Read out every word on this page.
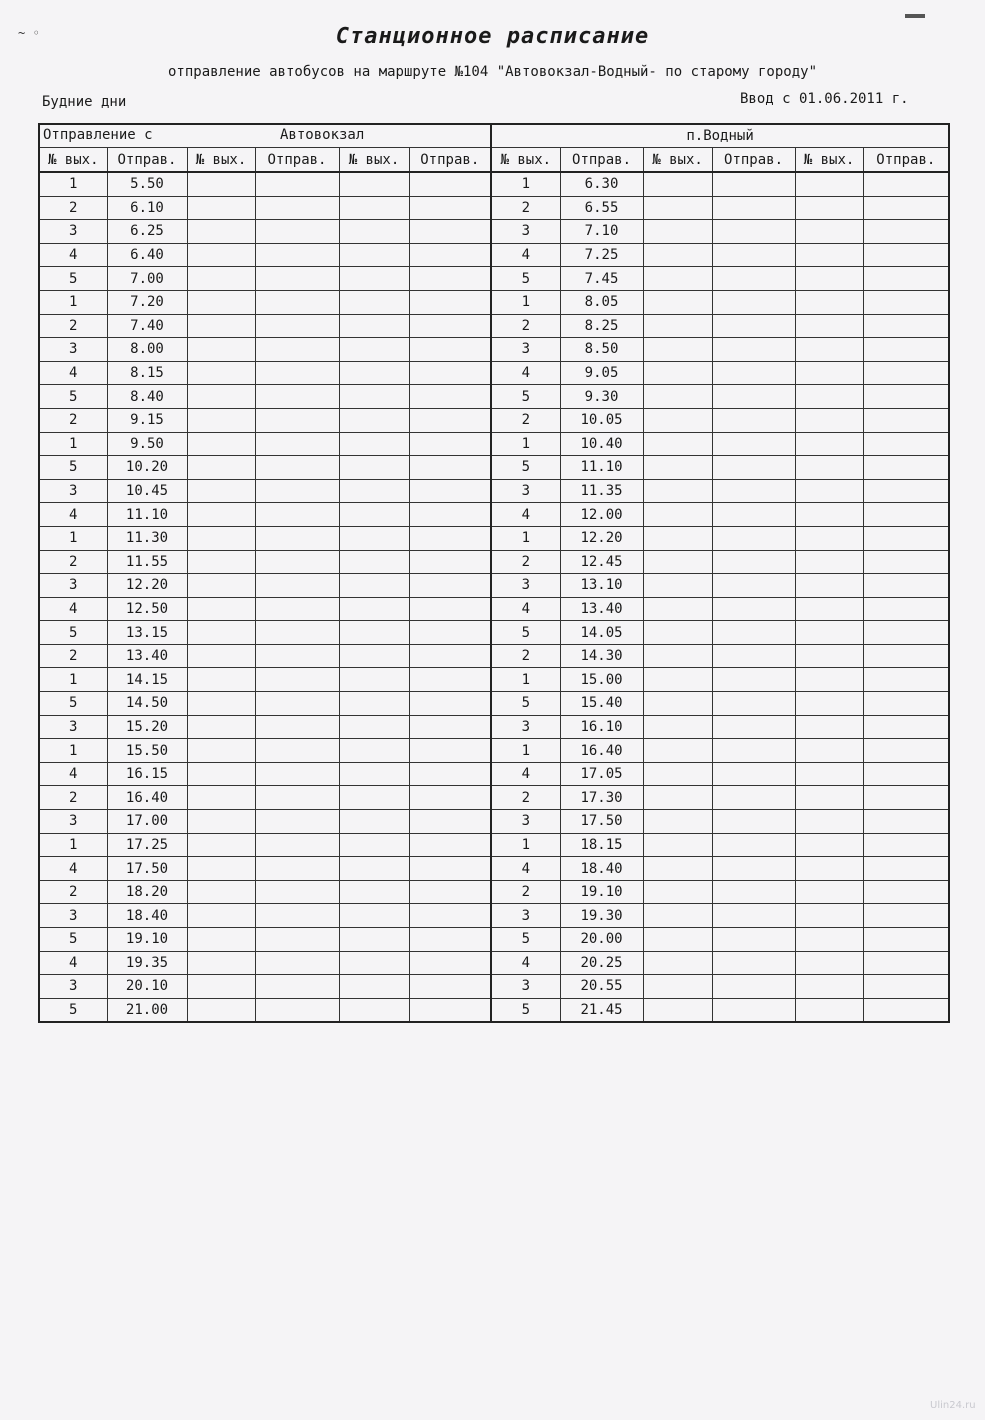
~ ◦	Станционное расписание
отправление автобусов на маршруте №104 "Автовокзал-Водный- по старому городу"
Будние дни	Ввод с 01.06.2011 г.
Отправление с Автовокзал						п.Водный					
№ вых.	Отправ.	№ вых.	Отправ.	№ вых.	Отправ.	№ вых.	Отправ.	№ вых.	Отправ.	№ вых.	Отправ.
1	5.50					1	6.30				
2	6.10					2	6.55				
3	6.25					3	7.10				
4	6.40					4	7.25				
5	7.00					5	7.45				
1	7.20					1	8.05				
2	7.40					2	8.25				
3	8.00					3	8.50				
4	8.15					4	9.05				
5	8.40					5	9.30				
2	9.15					2	10.05				
1	9.50					1	10.40				
5	10.20					5	11.10				
3	10.45					3	11.35				
4	11.10					4	12.00				
1	11.30					1	12.20				
2	11.55					2	12.45				
3	12.20					3	13.10				
4	12.50					4	13.40				
5	13.15					5	14.05				
2	13.40					2	14.30				
1	14.15					1	15.00				
5	14.50					5	15.40				
3	15.20					3	16.10				
1	15.50					1	16.40				
4	16.15					4	17.05				
2	16.40					2	17.30				
3	17.00					3	17.50				
1	17.25					1	18.15				
4	17.50					4	18.40				
2	18.20					2	19.10				
3	18.40					3	19.30				
5	19.10					5	20.00				
4	19.35					4	20.25				
3	20.10					3	20.55				
5	21.00					5	21.45				
Ulin24.ru
